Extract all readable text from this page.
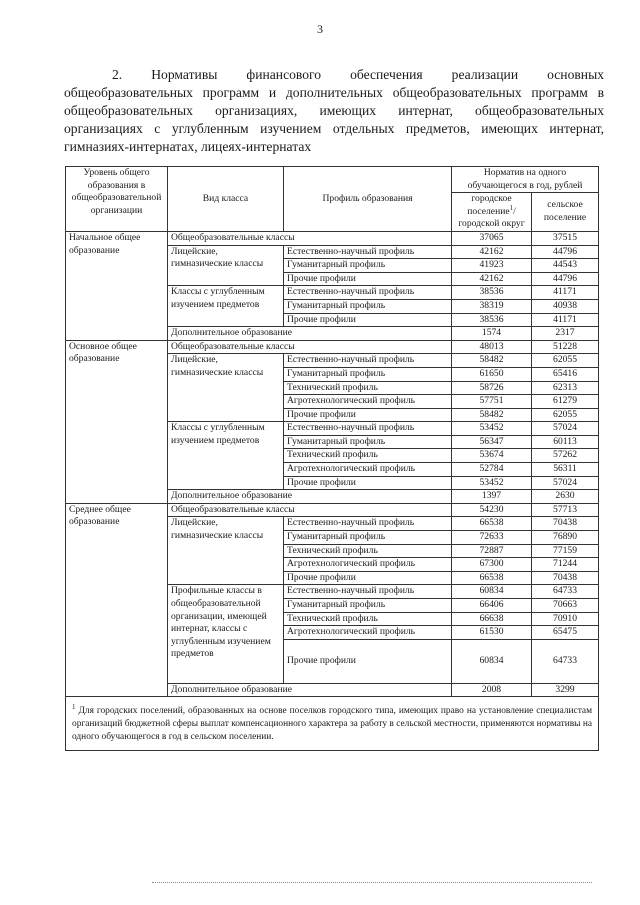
3
2. Нормативы финансового обеспечения реализации основных общеобразовательных программ и дополнительных общеобразовательных программ в общеобразовательных организациях, имеющих интернат, общеобразовательных организациях с углубленным изучением отдельных предметов, имеющих интернат, гимназиях-интернатах, лицеях-интернатах
Уровень общего образования в общеобразовательной организации	Вид класса	Профиль образования	Норматив на одного обучающегося в год, рублей	
			городское поселение$^1$/ городской округ	сельское поселение
Начальное общее образование	Общеобразовательные классы		37065	37515
	Лицейские, гимназические классы	Естественно-научный профиль	42162	44796
		Гуманитарный профиль	41923	44543
		Прочие профили	42162	44796
	Классы с углубленным изучением предметов	Естественно-научный профиль	38536	41171
		Гуманитарный профиль	38319	40938
		Прочие профили	38536	41171
	Дополнительное образование		1574	2317
Основное общее образование	Общеобразовательные классы		48013	51228
	Лицейские, гимназические классы	Естественно-научный профиль	58482	62055
		Гуманитарный профиль	61650	65416
		Технический профиль	58726	62313
		Агротехнологический профиль	57751	61279
		Прочие профили	58482	62055
	Классы с углубленным изучением предметов	Естественно-научный профиль	53452	57024
		Гуманитарный профиль	56347	60113
		Технический профиль	53674	57262
		Агротехнологический профиль	52784	56311
		Прочие профили	53452	57024
	Дополнительное образование		1397	2630
Среднее общее образование	Общеобразовательные классы		54230	57713
	Лицейские, гимназические классы	Естественно-научный профиль	66538	70438
		Гуманитарный профиль	72633	76890
		Технический профиль	72887	77159
		Агротехнологический профиль	67300	71244
		Прочие профили	66538	70438
	Профильные классы в общеобразовательной организации, имеющей интернат, классы с углубленным изучением предметов	Естественно-научный профиль	60834	64733
		Гуманитарный профиль	66406	70663
		Технический профиль	66638	70910
		Агротехнологический профиль	61530	65475
		Прочие профили	60834	64733
	Дополнительное образование		2008	3299
$^1$ Для городских поселений, образованных на основе поселков городского типа, имеющих право на установление специалистам организаций бюджетной сферы выплат компенсационного характера за работу в сельской местности, применяются нормативы на одного обучающегося в год в сельском поселении.				
